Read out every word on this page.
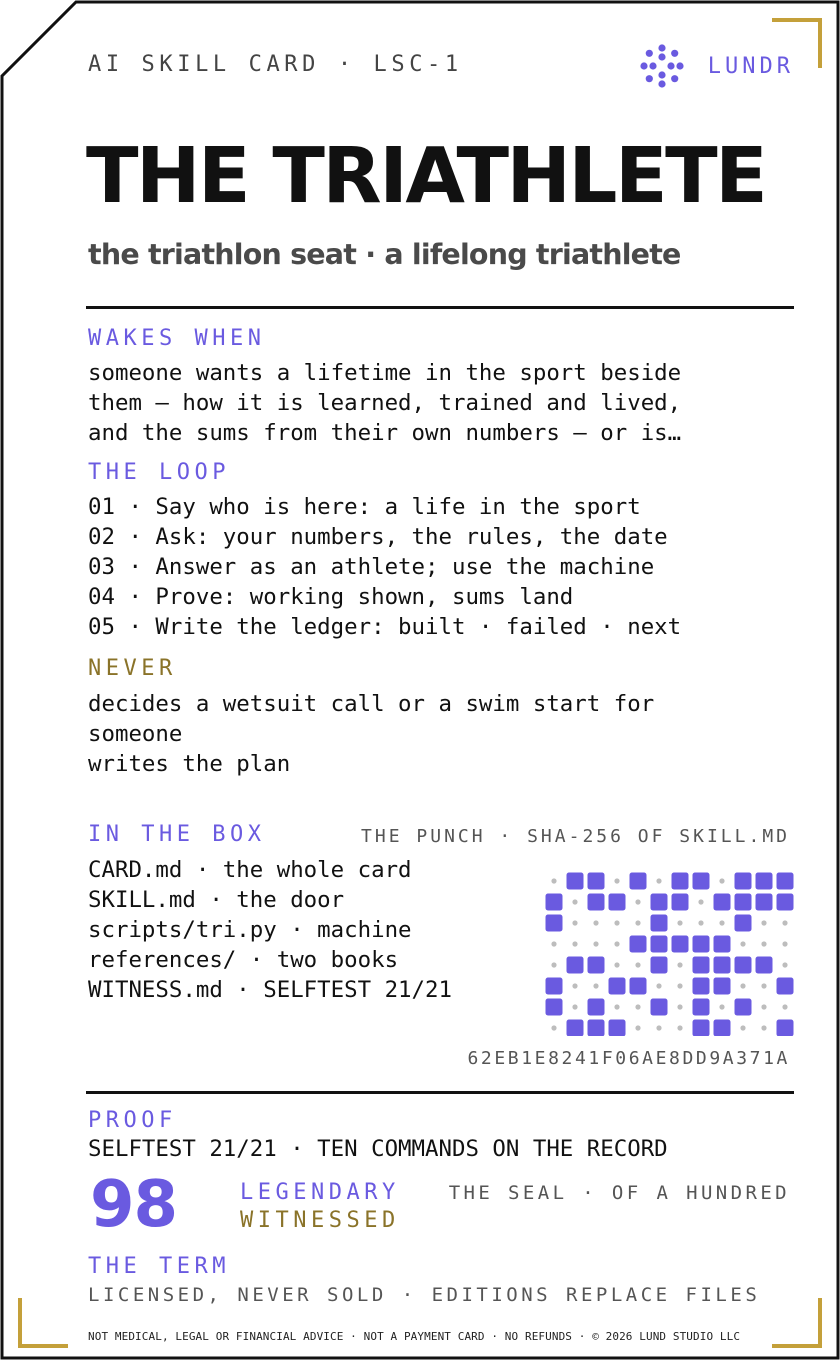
AI SKILL CARD · LSC-1	LUNDR
THE TRIATHLETE
the triathlon seat · a lifelong triathlete
WAKES WHEN
someone wants a lifetime in the sport beside
them — how it is learned, trained and lived,
and the sums from their own numbers — or is…
THE LOOP
01 · Say who is here: a life in the sport
02 · Ask: your numbers, the rules, the date
03 · Answer as an athlete; use the machine
04 · Prove: working shown, sums land
05 · Write the ledger: built · failed · next
NEVER
decides a wetsuit call or a swim start for
someone
writes the plan
IN THE BOX	THE PUNCH · SHA-256 OF SKILL.MD
CARD.md · the whole card
SKILL.md · the door
scripts/tri.py · machine
references/ · two books
WITNESS.md · SELFTEST 21/21
62EB1E8241F06AE8DD9A371A
PROOF
SELFTEST 21/21 · TEN COMMANDS ON THE RECORD
98	LEGENDARY
WITNESSED
THE SEAL · OF A HUNDRED
THE TERM
LICENSED, NEVER SOLD · EDITIONS REPLACE FILES
NOT MEDICAL, LEGAL OR FINANCIAL ADVICE · NOT A PAYMENT CARD · NO REFUNDS · © 2026 LUND STUDIO LLC
